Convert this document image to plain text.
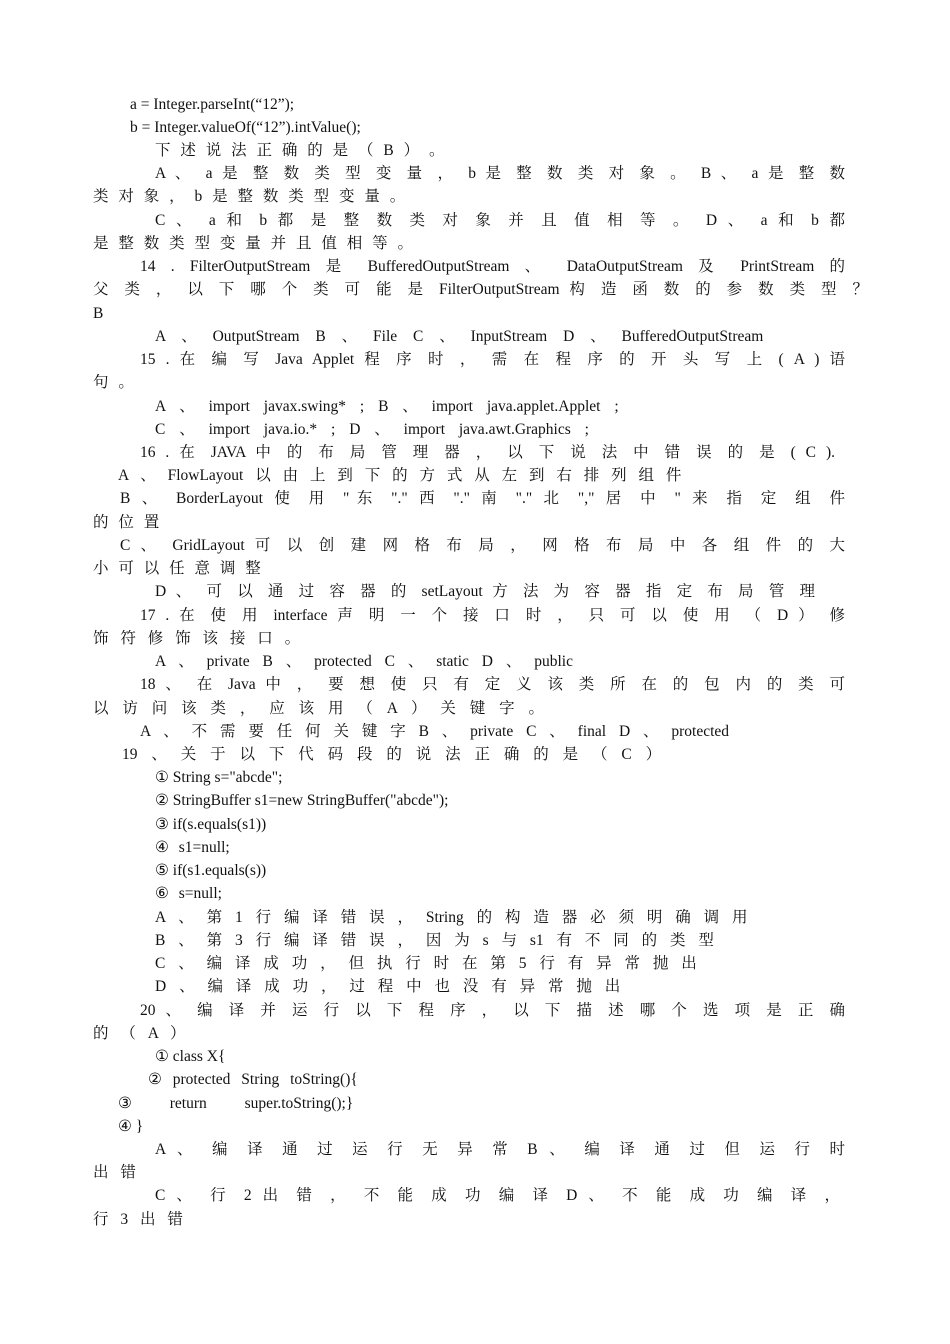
a = Integer.parseInt(“12”);
b = Integer.valueOf(“12”).intValue();
下 述 说 法 正 确 的 是 （ B ） 。
A 、 a 是 整 数 类 型 变 量 ， b 是 整 数 类 对 象 。 B 、 a 是 整 数
类 对 象 ， b 是 整 数 类 型 变 量 。
C 、 a 和 b 都 是 整 数 类 对 象 并 且 值 相 等 。 D 、 a 和 b 都
是 整 数 类 型 变 量 并 且 值 相 等 。
14 . FilterOutputStream 是 BufferedOutputStream 、 DataOutputStream 及 PrintStream 的
父 类 ， 以 下 哪 个 类 可 能 是 FilterOutputStream 构 造 函 数 的 参 数 类 型 ？
B
A 、 OutputStream B 、 File C 、 InputStream D 、 BufferedOutputStream
15 . 在 编 写 Java Applet 程 序 时 ， 需 在 程 序 的 开 头 写 上 ( A ) 语
句 。
A 、 import javax.swing* ; B 、 import java.applet.Applet ;
C 、 import java.io.* ; D 、 import java.awt.Graphics ;
16 . 在 JAVA 中 的 布 局 管 理 器 ， 以 下 说 法 中 错 误 的 是 ( C ).
A 、 FlowLayout 以 由 上 到 下 的 方 式 从 左 到 右 排 列 组 件
B 、 BorderLayout 使 用 "东 "." 西 "." 南 "." 北 "," 居 中 " 来 指 定 组 件
的 位 置
C 、 GridLayout 可 以 创 建 网 格 布 局 ， 网 格 布 局 中 各 组 件 的 大
小 可 以 任 意 调 整
D 、 可 以 通 过 容 器 的 setLayout 方 法 为 容 器 指 定 布 局 管 理
17 . 在 使 用 interface 声 明 一 个 接 口 时 ， 只 可 以 使 用 （ D ） 修
饰 符 修 饰 该 接 口 。
A 、 private B 、 protected C 、 static D 、 public
18 、 在 Java 中 ， 要 想 使 只 有 定 义 该 类 所 在 的 包 内 的 类 可
以 访 问 该 类 ， 应 该 用 （ A ） 关 键 字 。
A 、 不 需 要 任 何 关 键 字 B 、 private C 、 final D 、 protected
19 、 关 于 以 下 代 码 段 的 说 法 正 确 的 是 （ C ）
① String s="abcde";
② StringBuffer s1=new StringBuffer("abcde");
③ if(s.equals(s1))
④ s1=null;
⑤ if(s1.equals(s))
⑥ s=null;
A 、 第 1 行 编 译 错 误 ， String 的 构 造 器 必 须 明 确 调 用
B 、 第 3 行 编 译 错 误 ， 因 为 s 与 s1 有 不 同 的 类 型
C 、 编 译 成 功 ， 但 执 行 时 在 第 5 行 有 异 常 抛 出
D 、 编 译 成 功 ， 过 程 中 也 没 有 异 常 抛 出
20 、 编 译 并 运 行 以 下 程 序 ， 以 下 描 述 哪 个 选 项 是 正 确
的 （ A ）
① class X{
② protected String toString(){
③ return super.toString();}
④ }
A 、 编 译 通 过 运 行 无 异 常 B 、 编 译 通 过 但 运 行 时
出 错
C 、 行 2 出 错 ， 不 能 成 功 编 译 D 、 不 能 成 功 编 译 ，
行 3 出 错
